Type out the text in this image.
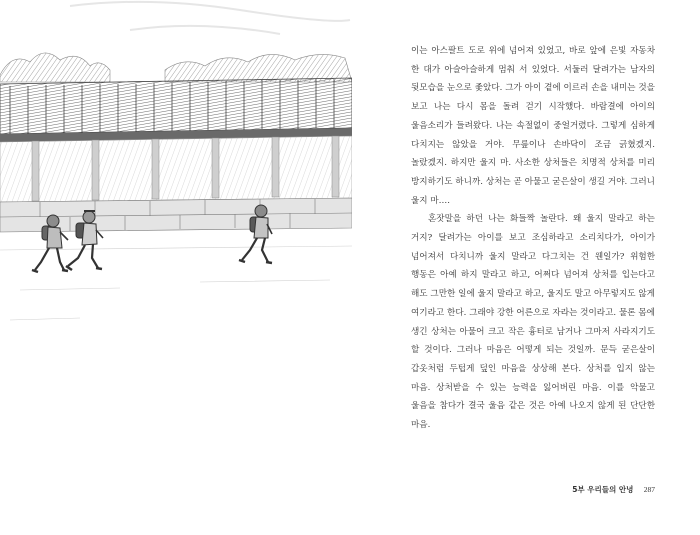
이는 아스팔트 도로 위에 넘어져 있었고, 바로 앞에 은빛 자동차 한 대가 아슬아슬하게 멈춰 서 있었다. 서둘러 달려가는 남자의 뒷모습을 눈으로 좇았다. 그가 아이 곁에 이르러 손을 내미는 것을 보고 나는 다시 몸을 돌려 걷기 시작했다. 바람결에 아이의 울음소리가 들려왔다. 나는 속절없이 중얼거렸다. 그렇게 심하게 다치지는 않았을 거야. 무릎이나 손바닥이 조금 긁혔겠지. 놀랐겠지. 하지만 울지 마. 사소한 상처들은 치명적 상처를 미리 방지하기도 하니까. 상처는 곧 아물고 굳은살이 생길 거야. 그러니 울지 마….

혼잣말을 하던 나는 화들짝 놀란다. 왜 울지 말라고 하는 거지? 달려가는 아이를 보고 조심하라고 소리치다가, 아이가 넘어져서 다치니까 울지 말라고 다그치는 건 웬일가? 위험한 행동은 아예 하지 말라고 하고, 어쩌다 넘어져 상처를 입는다고 해도 그만한 일에 울지 말라고 하고, 울지도 말고 아무렇지도 않게 여기라고 한다. 그래야 강한 어른으로 자라는 것이라고. 물론 몸에 생긴 상처는 아물어 크고 작은 흉터로 남거나 그마저 사라지기도 할 것이다. 그러나 마음은 어떻게 되는 것일까. 문득 굳은살이 갑옷처럼 두텁게 덮인 마음을 상상해 본다. 상처를 입지 않는 마음. 상처받을 수 있는 능력을 잃어버린 마음. 이를 악물고 울음을 참다가 결국 울음 같은 것은 아예 나오지 않게 된 단단한 마음.

5부 우리들의 안녕 287
